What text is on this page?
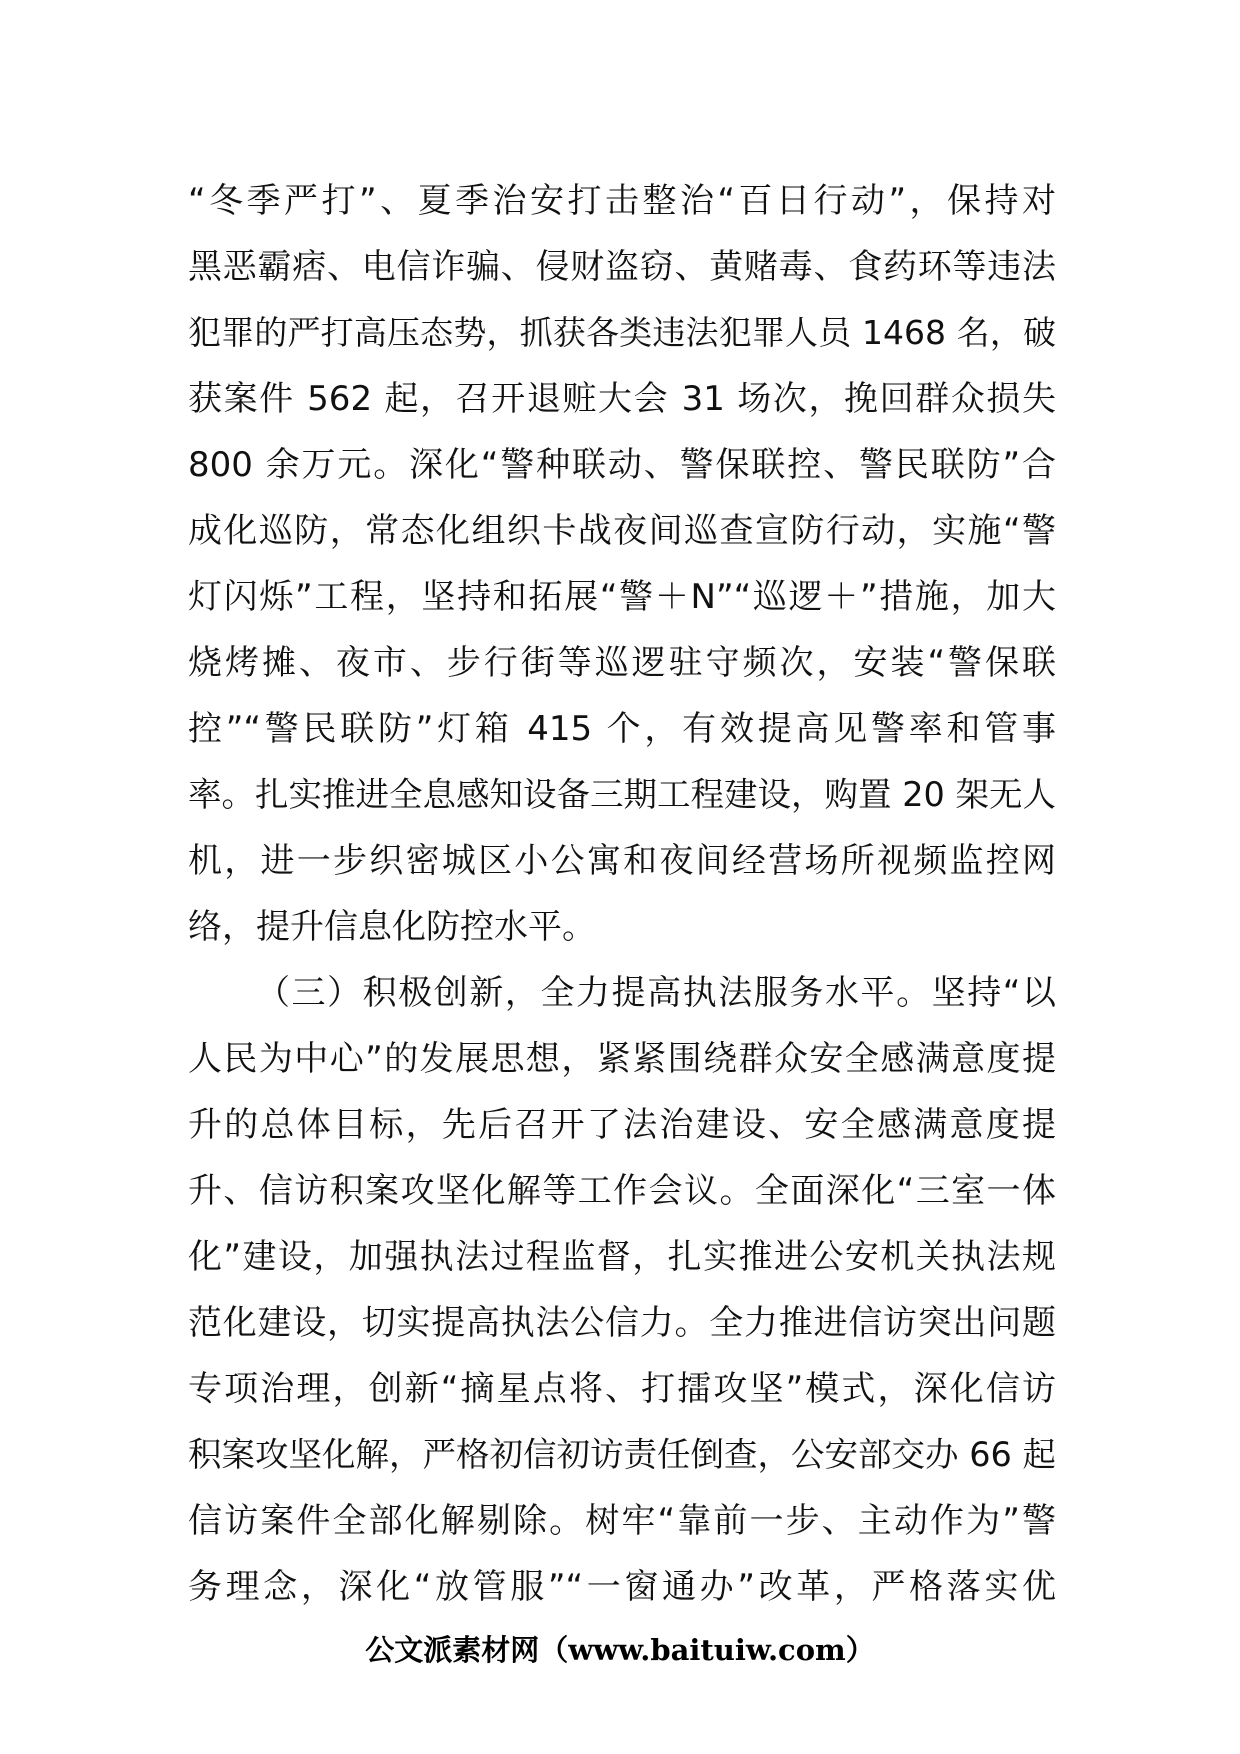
“冬季严打”、夏季治安打击整治“百日行动”，保持对
黑恶霸痞、电信诈骗、侵财盗窃、黄赌毒、食药环等违法
犯罪的严打高压态势，抓获各类违法犯罪人员 1468 名，破
获案件 562 起，召开退赃大会 31 场次，挽回群众损失
800 余万元。深化“警种联动、警保联控、警民联防”合
成化巡防，常态化组织卡战夜间巡查宣防行动，实施“警
灯闪烁”工程，坚持和拓展“警＋N”“巡逻＋”措施，加大
烧烤摊、夜市、步行街等巡逻驻守频次，安装“警保联
控”“警民联防”灯箱 415 个，有效提高见警率和管事
率。扎实推进全息感知设备三期工程建设，购置 20 架无人
机，进一步织密城区小公寓和夜间经营场所视频监控网
络，提升信息化防控水平。
（三）积极创新，全力提高执法服务水平。坚持“以
人民为中心”的发展思想，紧紧围绕群众安全感满意度提
升的总体目标，先后召开了法治建设、安全感满意度提
升、信访积案攻坚化解等工作会议。全面深化“三室一体
化”建设，加强执法过程监督，扎实推进公安机关执法规
范化建设，切实提高执法公信力。全力推进信访突出问题
专项治理，创新“摘星点将、打擂攻坚”模式，深化信访
积案攻坚化解，严格初信初访责任倒查，公安部交办 66 起
信访案件全部化解剔除。树牢“靠前一步、主动作为”警
务理念，深化“放管服”“一窗通办”改革，严格落实优
公文派素材网（www.baituiw.com）
